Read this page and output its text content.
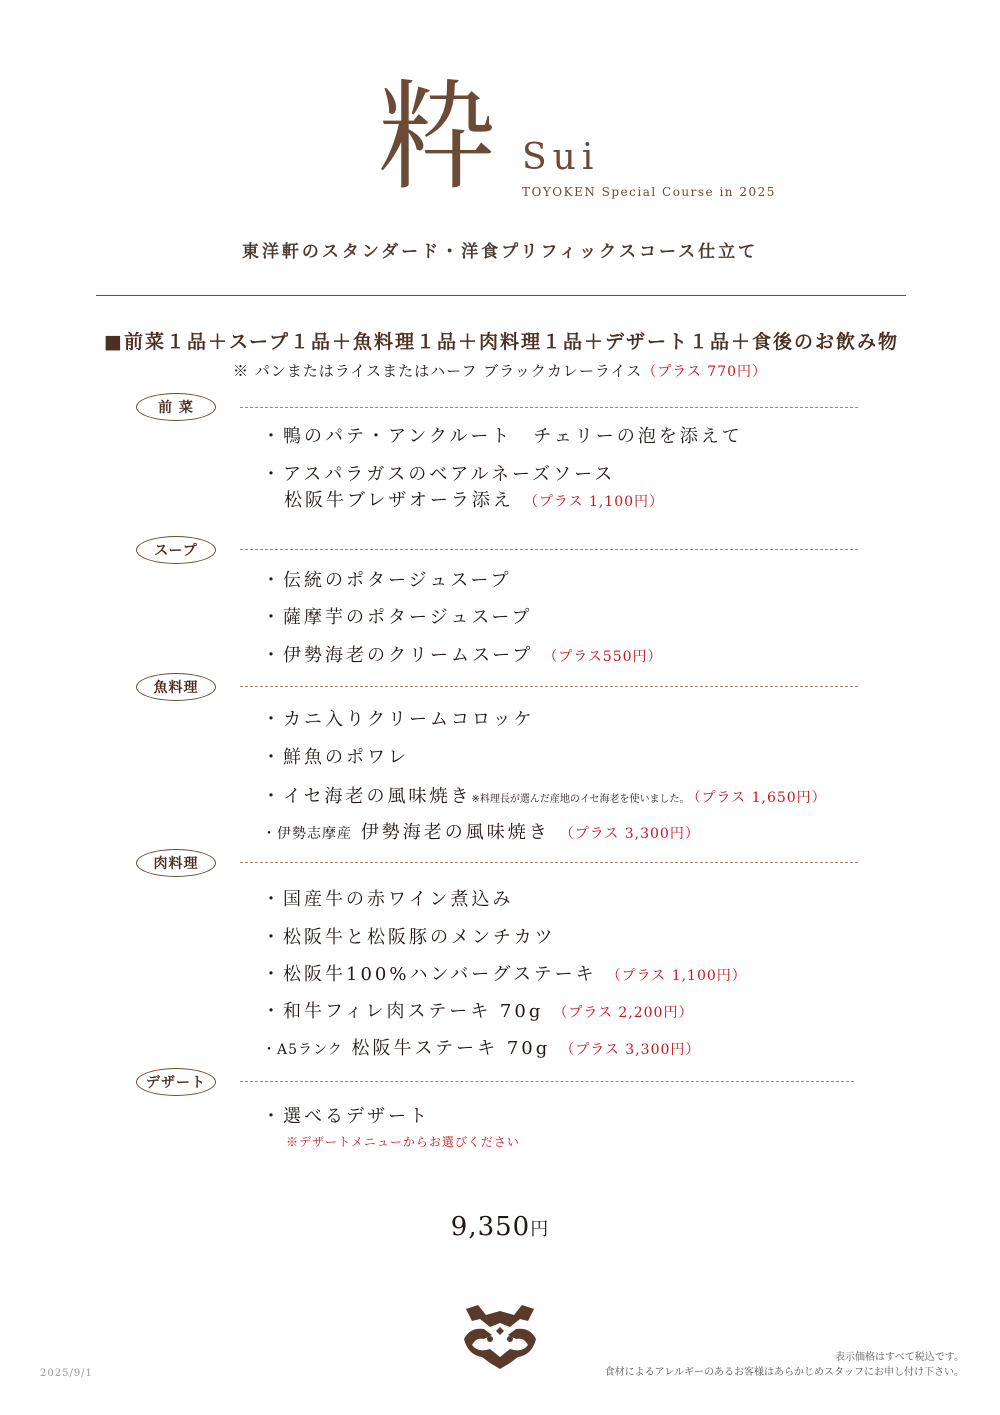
粋 Sui
TOYOKEN Special Course in 2025
東洋軒のスタンダード・洋食プリフィックスコース仕立て
■前菜１品＋スープ１品＋魚料理１品＋肉料理１品＋デザート１品＋食後のお飲み物
※ パンまたはライスまたはハーフ ブラックカレーライス（プラス 770円）
前 菜
・鴨のパテ・アンクルート　チェリーの泡を添えて
・アスパラガスのベアルネーズソース
松阪牛ブレザオーラ添え （プラス 1,100円）
スープ
・伝統のポタージュスープ
・薩摩芋のポタージュスープ
・伊勢海老のクリームスープ （プラス550円）
魚料理
・カニ入りクリームコロッケ
・鮮魚のポワレ
・イセ海老の風味焼き※料理長が選んだ産地のイセ海老を使いました。 （プラス 1,650円）
・伊勢志摩産 伊勢海老の風味焼き （プラス 3,300円）
肉料理
・国産牛の赤ワイン煮込み
・松阪牛と松阪豚のメンチカツ
・松阪牛100%ハンバーグステーキ （プラス 1,100円）
・和牛フィレ肉ステーキ 70g （プラス 2,200円）
・A5ランク 松阪牛ステーキ 70g （プラス 3,300円）
デザート
・選べるデザート
※デザートメニューからお選びください
9,350円
2025/9/1
表示価格はすべて税込です。
食材によるアレルギーのあるお客様はあらかじめスタッフにお申し付け下さい。
